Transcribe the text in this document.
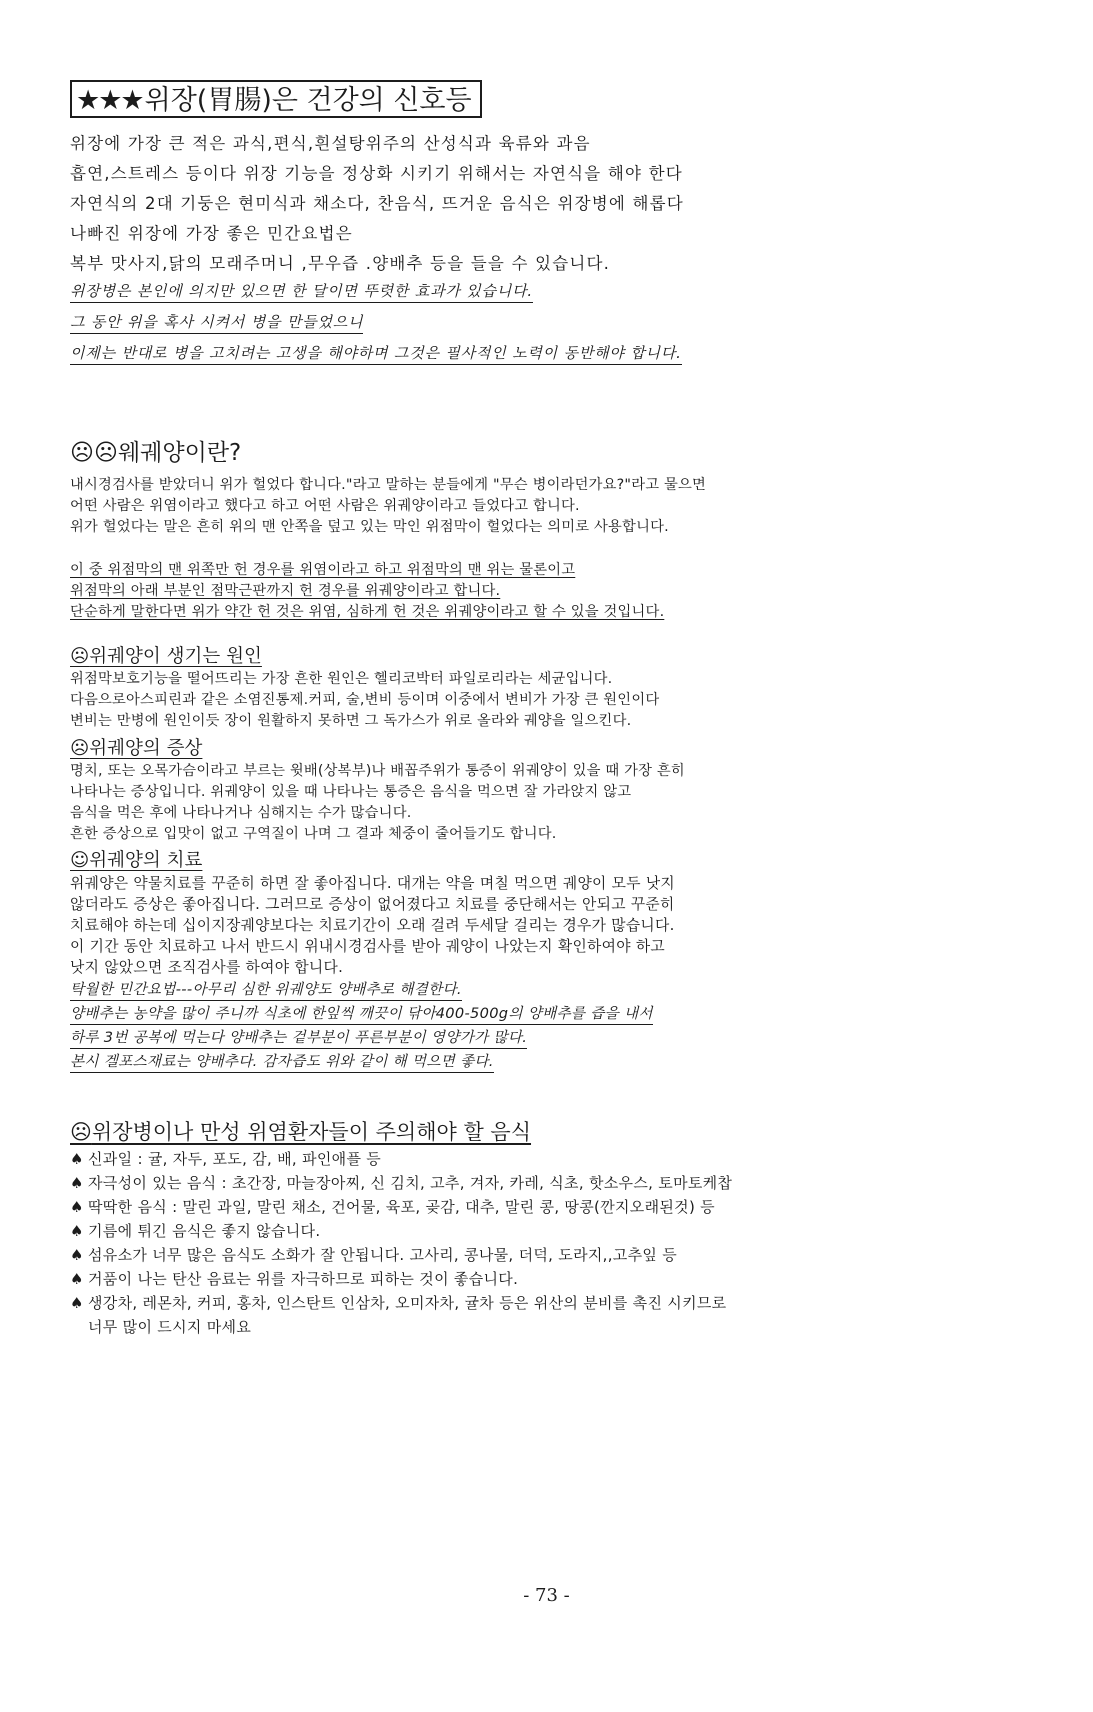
★★★위장(胃腸)은 건강의 신호등
위장에 가장 큰 적은 과식,편식,흰설탕위주의 산성식과 육류와 과음
흡연,스트레스 등이다 위장 기능을 정상화 시키기 위해서는 자연식을 해야 한다
자연식의 2대 기둥은 현미식과 채소다, 찬음식, 뜨거운 음식은 위장병에 해롭다
나빠진 위장에 가장 좋은 민간요법은
복부 맛사지,닭의 모래주머니 ,무우즙 .양배추 등을 들을 수 있습니다.
위장병은 본인에 의지만 있으면 한 달이면 뚜렷한 효과가 있습니다.
그 동안 위을 혹사 시켜서 병을 만들었으니
이제는 반대로 병을 고치려는 고생을 해야하며 그것은 필사적인 노력이 동반해야 합니다.
☹☹웨궤양이란?
내시경검사를 받았더니 위가 헐었다 합니다."라고 말하는 분들에게 "무슨 병이라던가요?"라고 물으면
어떤 사람은 위염이라고 했다고 하고 어떤 사람은 위궤양이라고 들었다고 합니다.
위가 헐었다는 말은 흔히 위의 맨 안쪽을 덮고 있는 막인 위점막이 헐었다는 의미로 사용합니다.
이 중 위점막의 맨 위쪽만 헌 경우를 위염이라고 하고 위점막의 맨 위는 물론이고
위점막의 아래 부분인 점막근판까지 헌 경우를 위궤양이라고 합니다.
단순하게 말한다면 위가 약간 헌 것은 위염, 심하게 헌 것은 위궤양이라고 할 수 있을 것입니다.
☹위궤양이 생기는 원인
위점막보호기능을 떨어뜨리는 가장 흔한 원인은 헬리코박터 파일로리라는 세균입니다.
다음으로아스피린과 같은 소염진통제.커피, 술,변비 등이며 이중에서 변비가 가장 큰 원인이다
변비는 만병에 원인이듯 장이 원활하지 못하면 그 독가스가 위로 올라와 궤양을 일으킨다.
☹위궤양의 증상
명치, 또는 오목가슴이라고 부르는 윗배(상복부)나 배꼽주위가 통증이 위궤양이 있을 때 가장 흔히
나타나는 증상입니다. 위궤양이 있을 때 나타나는 통증은 음식을 먹으면 잘 가라앉지 않고
음식을 먹은 후에 나타나거나 심해지는 수가 많습니다.
흔한 증상으로 입맛이 없고 구역질이 나며 그 결과 체중이 줄어들기도 합니다.
☺위궤양의 치료
위궤양은 약물치료를 꾸준히 하면 잘 좋아집니다. 대개는 약을 며칠 먹으면 궤양이 모두 낫지
않더라도 증상은 좋아집니다. 그러므로 증상이 없어졌다고 치료를 중단해서는 안되고 꾸준히
치료해야 하는데 십이지장궤양보다는 치료기간이 오래 걸려 두세달 걸리는 경우가 많습니다.
이 기간 동안 치료하고 나서 반드시 위내시경검사를 받아 궤양이 나았는지 확인하여야 하고
낫지 않았으면 조직검사를 하여야 합니다.
탁월한 민간요법---아무리 심한 위궤양도 양배추로 해결한다.
양배추는 농약을 많이 주니까 식초에 한잎씩 깨끗이 닦아400-500g의 양배추를 즙을 내서
하루 3번 공복에 먹는다 양배추는 겉부분이 푸른부분이 영양가가 많다.
본시 겔포스재료는 양배추다. 감자즙도 위와 같이 해 먹으면 좋다.
☹위장병이나 만성 위염환자들이 주의해야 할 음식
♠ 신과일 : 귤, 자두, 포도, 감, 배, 파인애플 등
♠ 자극성이 있는 음식 : 초간장, 마늘장아찌, 신 김치, 고추, 겨자, 카레, 식초, 핫소우스, 토마토케찹
♠ 딱딱한 음식 : 말린 과일, 말린 채소, 건어물, 육포, 곶감, 대추, 말린 콩, 땅콩(깐지오래된것) 등
♠ 기름에 튀긴 음식은 좋지 않습니다.
♠ 섬유소가 너무 많은 음식도 소화가 잘 안됩니다. 고사리, 콩나물, 더덕, 도라지,,고추잎 등
♠ 거품이 나는 탄산 음료는 위를 자극하므로 피하는 것이 좋습니다.
♠ 생강차, 레몬차, 커피, 홍차, 인스탄트 인삼차, 오미자차, 귤차 등은 위산의 분비를 촉진 시키므로
너무 많이 드시지 마세요
- 73 -
